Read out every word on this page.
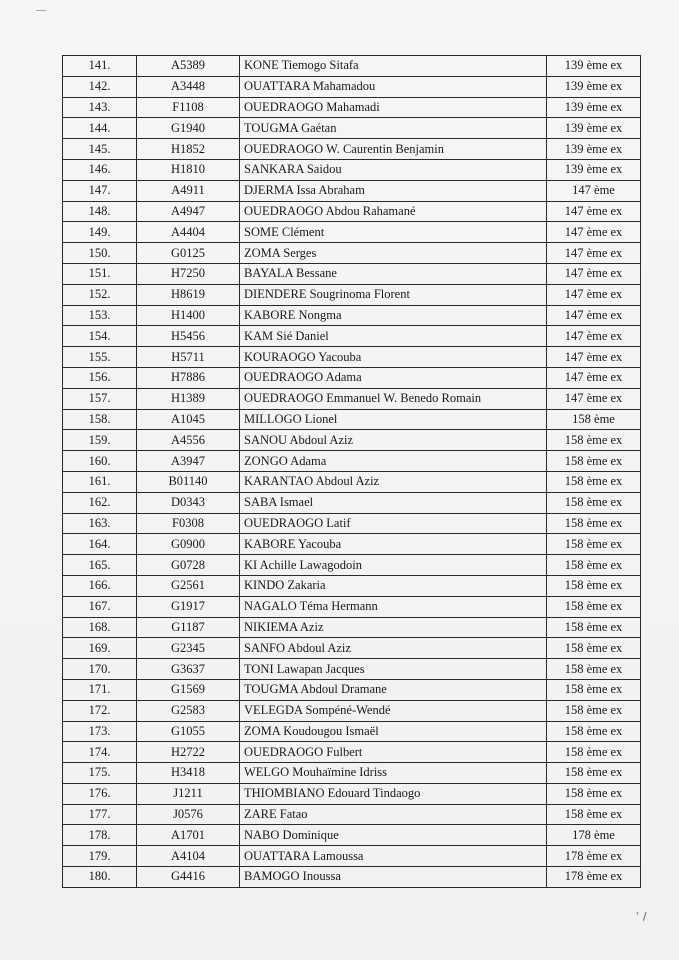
141.	A5389	KONE Tiemogo Sitafa	139 ème ex
142.	A3448	OUATTARA Mahamadou	139 ème ex
143.	F1108	OUEDRAOGO Mahamadi	139 ème ex
144.	G1940	TOUGMA Gaétan	139 ème ex
145.	H1852	OUEDRAOGO W. Caurentin Benjamin	139 ème ex
146.	H1810	SANKARA Saidou	139 ème ex
147.	A4911	DJERMA Issa Abraham	147 ème
148.	A4947	OUEDRAOGO Abdou Rahamané	147 ème ex
149.	A4404	SOME Clément	147 ème ex
150.	G0125	ZOMA Serges	147 ème ex
151.	H7250	BAYALA Bessane	147 ème ex
152.	H8619	DIENDERE Sougrinoma Florent	147 ème ex
153.	H1400	KABORE Nongma	147 ème ex
154.	H5456	KAM Sié Daniel	147 ème ex
155.	H5711	KOURAOGO Yacouba	147 ème ex
156.	H7886	OUEDRAOGO Adama	147 ème ex
157.	H1389	OUEDRAOGO Emmanuel W. Benedo Romain	147 ème ex
158.	A1045	MILLOGO Lionel	158 ème
159.	A4556	SANOU Abdoul Aziz	158 ème ex
160.	A3947	ZONGO Adama	158 ème ex
161.	B01140	KARANTAO Abdoul Aziz	158 ème ex
162.	D0343	SABA Ismael	158 ème ex
163.	F0308	OUEDRAOGO Latif	158 ème ex
164.	G0900	KABORE Yacouba	158 ème ex
165.	G0728	KI Achille Lawagodoin	158 ème ex
166.	G2561	KINDO Zakaria	158 ème ex
167.	G1917	NAGALO Téma Hermann	158 ème ex
168.	G1187	NIKIEMA Aziz	158 ème ex
169.	G2345	SANFO Abdoul Aziz	158 ème ex
170.	G3637	TONI Lawapan Jacques	158 ème ex
171.	G1569	TOUGMA Abdoul Dramane	158 ème ex
172.	G2583	VELEGDA Sompéné-Wendé	158 ème ex
173.	G1055	ZOMA Koudougou Ismaël	158 ème ex
174.	H2722	OUEDRAOGO Fulbert	158 ème ex
175.	H3418	WELGO Mouhaïmine Idriss	158 ème ex
176.	J1211	THIOMBIANO Edouard Tindaogo	158 ème ex
177.	J0576	ZARE Fatao	158 ème ex
178.	A1701	NABO Dominique	178 ème
179.	A4104	OUATTARA Lamoussa	178 ème ex
180.	G4416	BAMOGO Inoussa	178 ème ex
ʿ /
